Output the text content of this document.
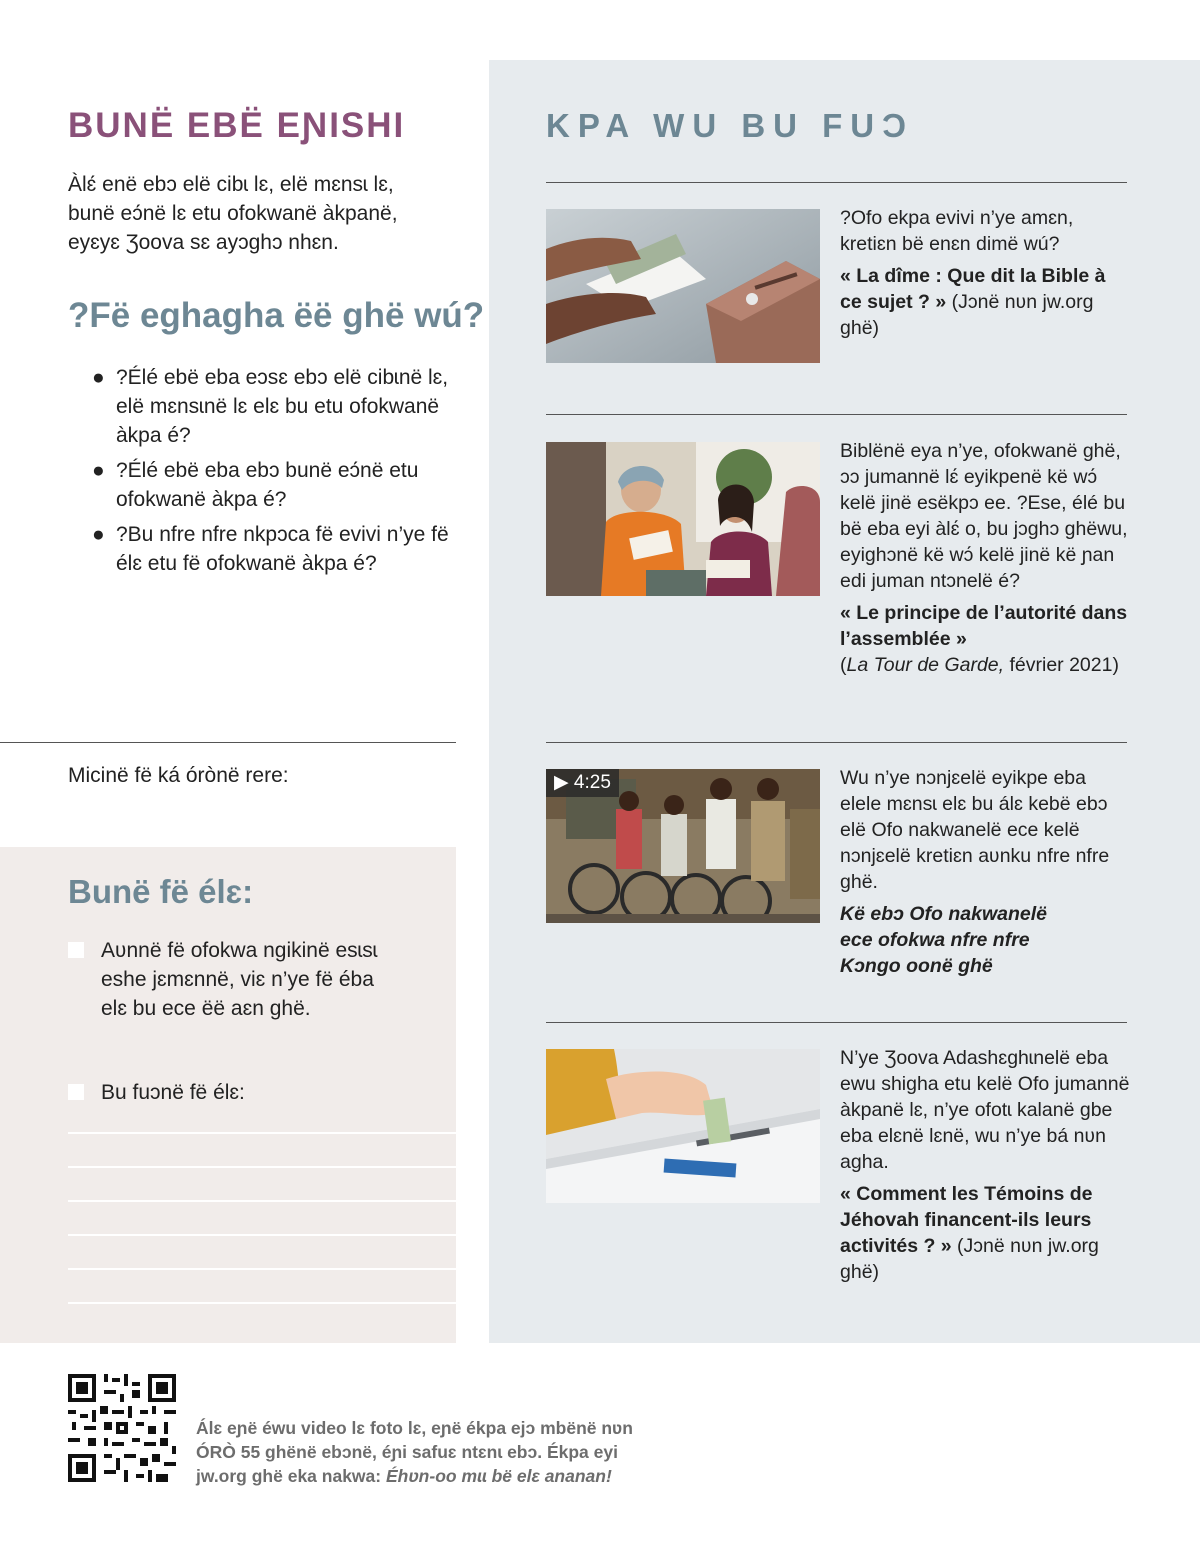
BUNË EBË EƝISHI

Àlɛ́ enë ebɔ elë cibɩ lɛ, elë mɛnsɩ lɛ, bunë eɔ́në lɛ etu ofokwanë àkpanë, eyɛyɛ Ʒoova sɛ ayɔghɔ nhɛn.

?Fë eghagha ëë ghë wú?
● ?Élé ebë eba eɔsɛ ebɔ elë cibɩnë lɛ, elë mɛnsɩnë lɛ elɛ bu etu ofokwanë àkpa é?
● ?Élé ebë eba ebɔ bunë eɔ́në etu ofokwanë àkpa é?
● ?Bu nfre nfre nkpɔca fë evivi n’ye fë élɛ etu fë ofokwanë àkpa é?

Micinë fë ká órònë rere:

Bunë fë élɛ:
Aʋnnë fë ofokwa ngikinë esɩsɩ eshe jɛmɛnnë, viɛ n’ye fë éba elɛ bu ece ëë aɛn ghë.
Bu fuɔnë fë élɛ:
KPA WU BU FUƆ

?Ofo ekpa evivi n’ye amɛn, kretiɛn bë enɛn dimë wú?

« La dîme : Que dit la Bible à ce sujet ? » (Jɔnë nʋn jw.org ghë)

Biblënë eya n’ye, ofokwanë ghë, ɔɔ jumannë lɛ́ eyikpenë kë wɔ́ kelë jinë esëkpɔ ee. ?Ese, élé bu bë eba eyi àlɛ́ o, bu jɔghɔ ghëwu, eyighɔnë kë wɔ́ kelë jinë kë ɲan edi juman ntɔnelë é?

« Le principe de l’autorité dans l’assemblée »

(La Tour de Garde, février 2021)

▶ 4:25	Wu n’ye nɔnjɛelë eyikpe eba elele mɛnsɩ elɛ bu álɛ kebë ebɔ elë Ofo nakwanelë ece kelë nɔnjɛelë kretiɛn aʋnku nfre nfre ghë.

Kë ebɔ Ofo nakwanelë ece ofokwa nfre nfre Kɔngo oonë ghë

N’ye Ʒoova Adashɛghɩnelë eba ewu shigha etu kelë Ofo jumannë àkpanë lɛ, n’ye ofotɩ kalanë gbe eba elɛnë lɛnë, wu n’ye bá nʋn agha.

« Comment les Témoins de Jéhovah financent-ils leurs activités ? » (Jɔnë nʋn jw.org ghë)

Álɛ eɲë éwu video lɛ foto lɛ, eɲë ékpa ejɔ mbënë nʋn ÓRÒ 55 ghënë ebɔnë, éɲi safuɛ ntɛnɩ ebɔ. Ékpa eyi jw.org ghë eka nakwa: Éhʋn-oo mɩɩ bë elɛ ananan!
